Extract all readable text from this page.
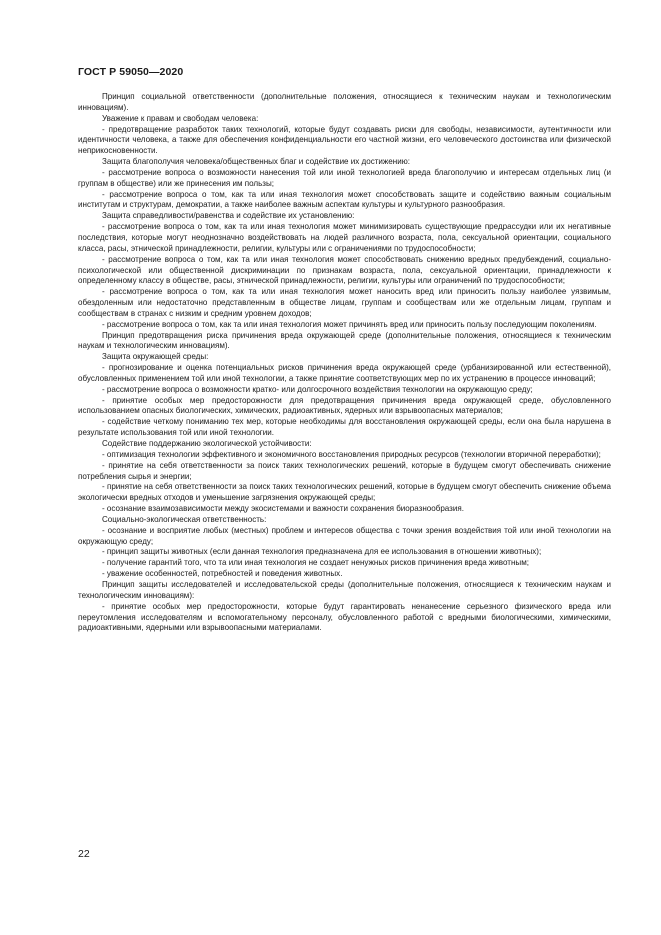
ГОСТ Р 59050—2020

Принцип социальной ответственности (дополнительные положения, относящиеся к техническим наукам и технологическим инновациям).

Уважение к правам и свободам человека:

- предотвращение разработок таких технологий, которые будут создавать риски для свободы, независимости, аутентичности или идентичности человека, а также для обеспечения конфиденциальности его частной жизни, его человеческого достоинства или физической неприкосновенности.

Защита благополучия человека/общественных благ и содействие их достижению:

- рассмотрение вопроса о возможности нанесения той или иной технологией вреда благополучию и интересам отдельных лиц (и группам в обществе) или же принесения им пользы;

- рассмотрение вопроса о том, как та или иная технология может способствовать защите и содействию важным социальным институтам и структурам, демократии, а также наиболее важным аспектам культуры и культурного разнообразия.

Защита справедливости/равенства и содействие их установлению:

- рассмотрение вопроса о том, как та или иная технология может минимизировать существующие предрассудки или их негативные последствия, которые могут неоднозначно воздействовать на людей различного возраста, пола, сексуальной ориентации, социального класса, расы, этнической принадлежности, религии, культуры или с ограничениями по трудоспособности;

- рассмотрение вопроса о том, как та или иная технология может способствовать снижению вредных предубеждений, социально-психологической или общественной дискриминации по признакам возраста, пола, сексуальной ориентации, принадлежности к определенному классу в обществе, расы, этнической принадлежности, религии, культуры или ограничений по трудоспособности;

- рассмотрение вопроса о том, как та или иная технология может наносить вред или приносить пользу наиболее уязвимым, обездоленным или недостаточно представленным в обществе лицам, группам и сообществам или же отдельным лицам, группам и сообществам в странах с низким и средним уровнем доходов;

- рассмотрение вопроса о том, как та или иная технология может причинять вред или приносить пользу последующим поколениям.

Принцип предотвращения риска причинения вреда окружающей среде (дополнительные положения, относящиеся к техническим наукам и технологическим инновациям).

Защита окружающей среды:

- прогнозирование и оценка потенциальных рисков причинения вреда окружающей среде (урбанизированной или естественной), обусловленных применением той или иной технологии, а также принятие соответствующих мер по их устранению в процессе инноваций;

- рассмотрение вопроса о возможности кратко- или долгосрочного воздействия технологии на окружающую среду;

- принятие особых мер предосторожности для предотвращения причинения вреда окружающей среде, обусловленного использованием опасных биологических, химических, радиоактивных, ядерных или взрывоопасных материалов;

- содействие четкому пониманию тех мер, которые необходимы для восстановления окружающей среды, если она была нарушена в результате использования той или иной технологии.

Содействие поддержанию экологической устойчивости:

- оптимизация технологии эффективного и экономичного восстановления природных ресурсов (технологии вторичной переработки);

- принятие на себя ответственности за поиск таких технологических решений, которые в будущем смогут обеспечивать снижение потребления сырья и энергии;

- принятие на себя ответственности за поиск таких технологических решений, которые в будущем смогут обеспечить снижение объема экологически вредных отходов и уменьшение загрязнения окружающей среды;

- осознание взаимозависимости между экосистемами и важности сохранения биоразнообразия.

Социально-экологическая ответственность:

- осознание и восприятие любых (местных) проблем и интересов общества с точки зрения воздействия той или иной технологии на окружающую среду;

- принцип защиты животных (если данная технология предназначена для ее использования в отношении животных);

- получение гарантий того, что та или иная технология не создает ненужных рисков причинения вреда животным;

- уважение особенностей, потребностей и поведения животных.

Принцип защиты исследователей и исследовательской среды (дополнительные положения, относящиеся к техническим наукам и технологическим инновациям):

- принятие особых мер предосторожности, которые будут гарантировать ненанесение серьезного физического вреда или переутомления исследователям и вспомогательному персоналу, обусловленного работой с вредными биологическими, химическими, радиоактивными, ядерными или взрывоопасными материалами.

22
